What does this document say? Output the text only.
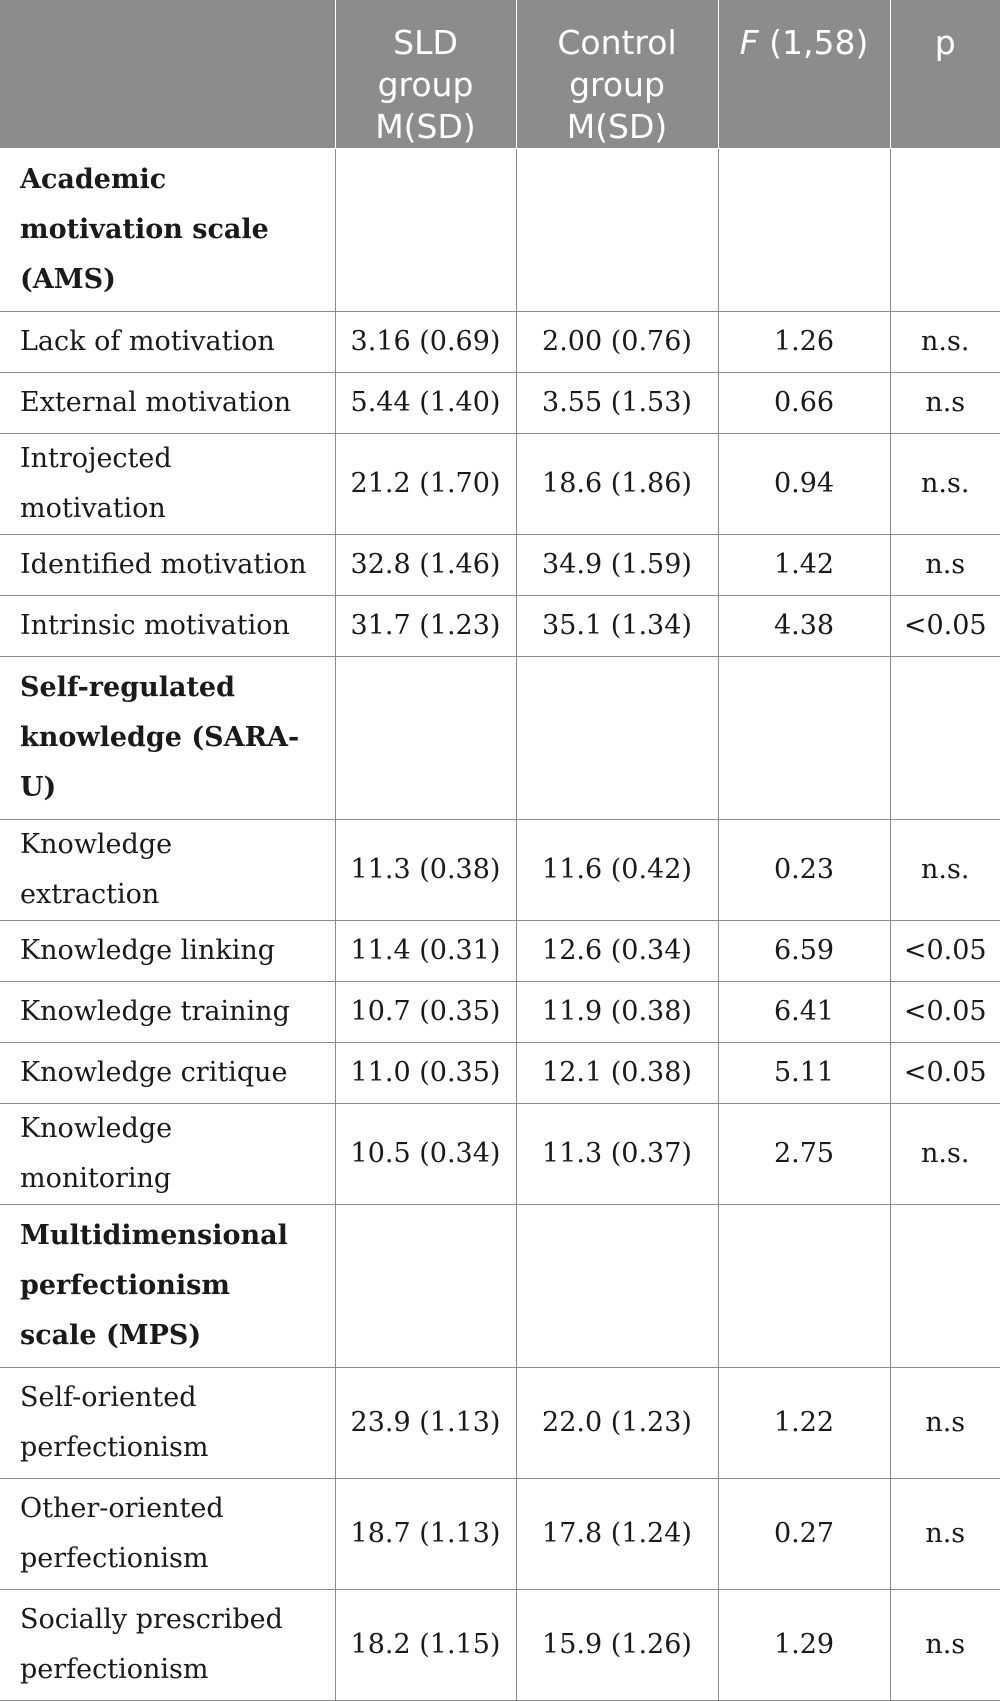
	SLD group M(SD)	Control group M(SD)	F (1,58)	p
Academic motivation scale (AMS)				
Lack of motivation	3.16 (0.69)	2.00 (0.76)	1.26	n.s.
External motivation	5.44 (1.40)	3.55 (1.53)	0.66	n.s
Introjected motivation	21.2 (1.70)	18.6 (1.86)	0.94	n.s.
Identified motivation	32.8 (1.46)	34.9 (1.59)	1.42	n.s
Intrinsic motivation	31.7 (1.23)	35.1 (1.34)	4.38	<0.05
Self-regulated knowledge (SARA-U)				
Knowledge extraction	11.3 (0.38)	11.6 (0.42)	0.23	n.s.
Knowledge linking	11.4 (0.31)	12.6 (0.34)	6.59	<0.05
Knowledge training	10.7 (0.35)	11.9 (0.38)	6.41	<0.05
Knowledge critique	11.0 (0.35)	12.1 (0.38)	5.11	<0.05
Knowledge monitoring	10.5 (0.34)	11.3 (0.37)	2.75	n.s.
Multidimensional perfectionism scale (MPS)				
Self-oriented perfectionism	23.9 (1.13)	22.0 (1.23)	1.22	n.s
Other-oriented perfectionism	18.7 (1.13)	17.8 (1.24)	0.27	n.s
Socially prescribed perfectionism	18.2 (1.15)	15.9 (1.26)	1.29	n.s
